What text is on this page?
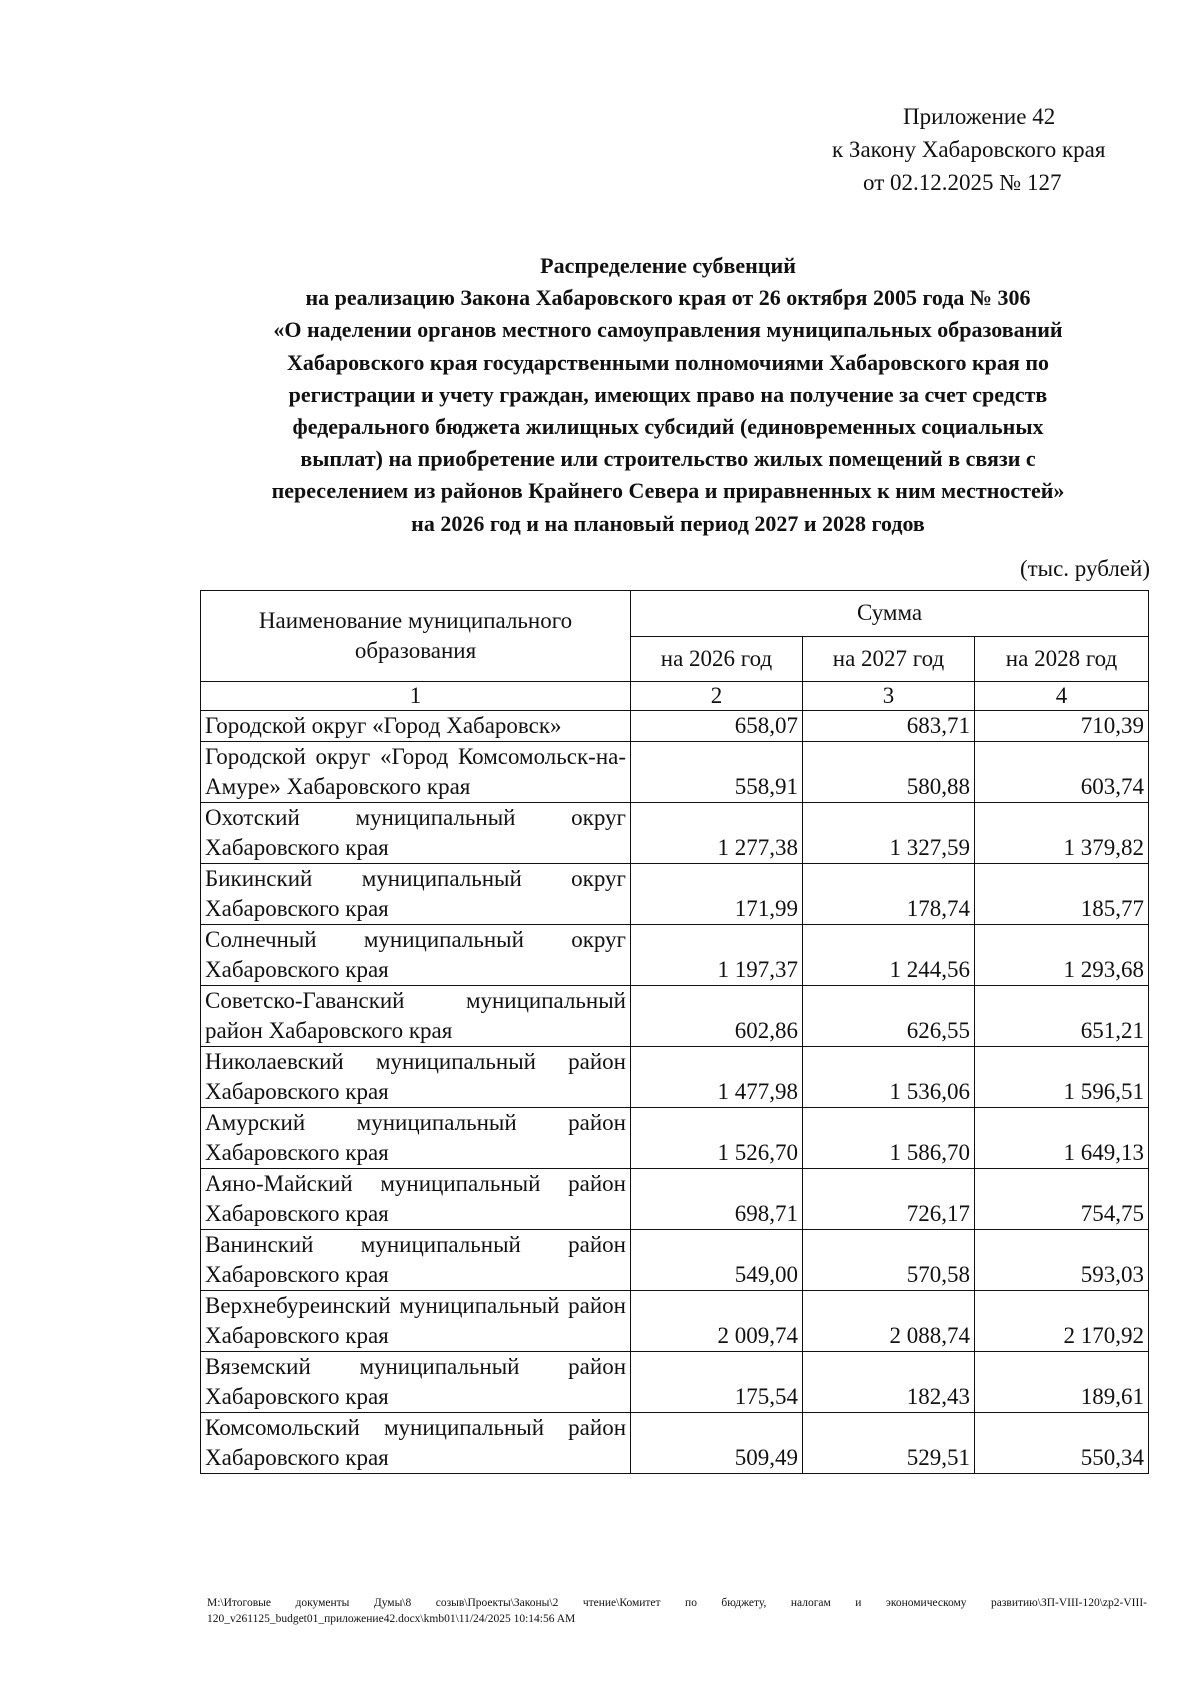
Приложение 42
к Закону Хабаровского края
от 02.12.2025 № 127
Распределение субвенций
на реализацию Закона Хабаровского края от 26 октября 2005 года № 306
«О наделении органов местного самоуправления муниципальных образований
Хабаровского края государственными полномочиями Хабаровского края по
регистрации и учету граждан, имеющих право на получение за счет средств
федерального бюджета жилищных субсидий (единовременных социальных
выплат) на приобретение или строительство жилых помещений в связи с
переселением из районов Крайнего Севера и приравненных к ним местностей»
на 2026 год и на плановый период 2027 и 2028 годов
(тыс. рублей)
Наименование муниципального образования	Сумма		
	на 2026 год	на 2027 год	на 2028 год
1	2	3	4
Городской округ «Город Хабаровск»	658,07	683,71	710,39
Городской округ «Город Комсомольск-на-Амуре» Хабаровского края	558,91	580,88	603,74
Охотский муниципальный округ Хабаровского края	1 277,38	1 327,59	1 379,82
Бикинский муниципальный округ Хабаровского края	171,99	178,74	185,77
Солнечный муниципальный округ Хабаровского края	1 197,37	1 244,56	1 293,68
Советско-Гаванский муниципальный район Хабаровского края	602,86	626,55	651,21
Николаевский муниципальный район Хабаровского края	1 477,98	1 536,06	1 596,51
Амурский муниципальный район Хабаровского края	1 526,70	1 586,70	1 649,13
Аяно-Майский муниципальный район Хабаровского края	698,71	726,17	754,75
Ванинский муниципальный район Хабаровского края	549,00	570,58	593,03
Верхнебуреинский муниципальный район Хабаровского края	2 009,74	2 088,74	2 170,92
Вяземский муниципальный район Хабаровского края	175,54	182,43	189,61
Комсомольский муниципальный район Хабаровского края	509,49	529,51	550,34
M:\Итоговые документы Думы\8 созыв\Проекты\Законы\2 чтение\Комитет по бюджету, налогам и экономическому развитию\ЗП-VIII-120\zp2-VIII-120_v261125_budget01_приложение42.docx\kmb01\11/24/2025 10:14:56 AM
